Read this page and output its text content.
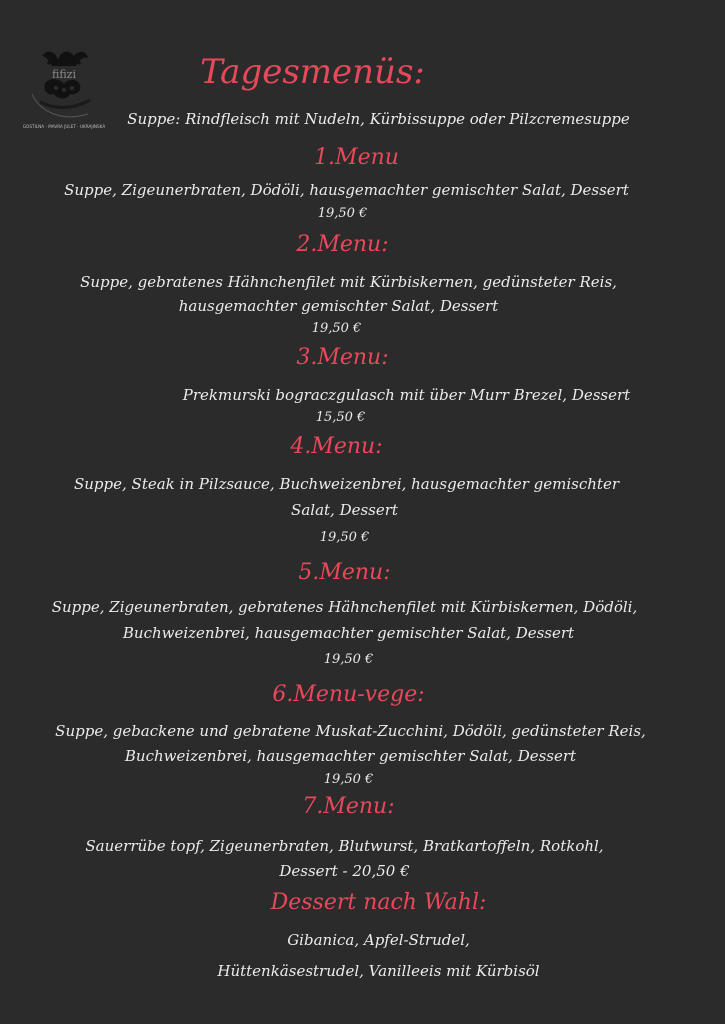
fifizi
GOSTILNA · MAVRA JULET · UKRAJINSKA
Tagesmenüs:
Suppe: Rindfleisch mit Nudeln, Kürbissuppe oder Pilzcremesuppe
1.Menu
Suppe, Zigeunerbraten, Dödöli, hausgemachter gemischter Salat, Dessert
19,50 €
2.Menu:
Suppe, gebratenes Hähnchenfilet mit Kürbiskernen, gedünsteter Reis,
hausgemachter gemischter Salat, Dessert
19,50 €
3.Menu:
Prekmurski bograczgulasch mit über Murr Brezel, Dessert
15,50 €
4.Menu:
Suppe, Steak in Pilzsauce, Buchweizenbrei, hausgemachter gemischter
Salat, Dessert
19,50 €
5.Menu:
Suppe, Zigeunerbraten, gebratenes Hähnchenfilet mit Kürbiskernen, Dödöli,
Buchweizenbrei, hausgemachter gemischter Salat, Dessert
19,50 €
6.Menu-vege:
Suppe, gebackene und gebratene Muskat-Zucchini, Dödöli, gedünsteter Reis,
Buchweizenbrei, hausgemachter gemischter Salat, Dessert
19,50 €
7.Menu:
Sauerrübe topf, Zigeunerbraten, Blutwurst, Bratkartoffeln, Rotkohl,
Dessert - 20,50 €
Dessert nach Wahl:
Gibanica, Apfel-Strudel,
Hüttenkäsestrudel, Vanilleeis mit Kürbisöl
